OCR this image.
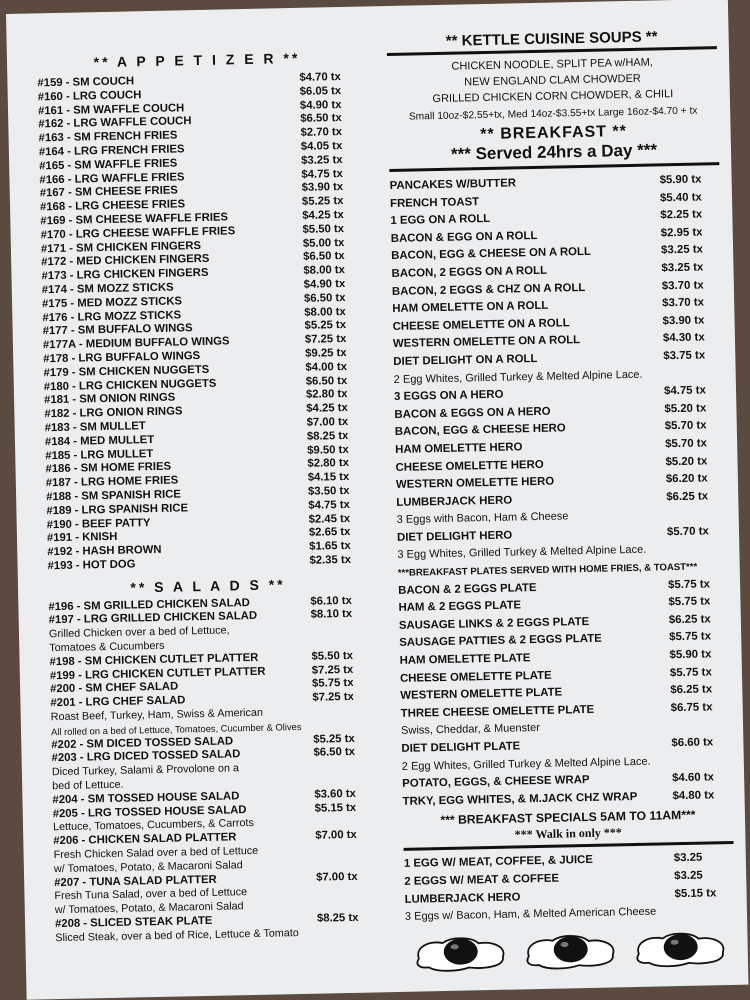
** A P P E T I Z E R **
#159 - SM COUCH	$4.70 tx
#160 - LRG COUCH	$6.05 tx
#161 - SM WAFFLE COUCH	$4.90 tx
#162 - LRG WAFFLE COUCH	$6.50 tx
#163 - SM FRENCH FRIES	$2.70 tx
#164 - LRG FRENCH FRIES	$4.05 tx
#165 - SM WAFFLE FRIES	$3.25 tx
#166 - LRG WAFFLE FRIES	$4.75 tx
#167 - SM CHEESE FRIES	$3.90 tx
#168 - LRG CHEESE FRIES	$5.25 tx
#169 - SM CHEESE WAFFLE FRIES	$4.25 tx
#170 - LRG CHEESE WAFFLE FRIES	$5.50 tx
#171 - SM CHICKEN FINGERS	$5.00 tx
#172 - MED CHICKEN FINGERS	$6.50 tx
#173 - LRG CHICKEN FINGERS	$8.00 tx
#174 - SM MOZZ STICKS	$4.90 tx
#175 - MED MOZZ STICKS	$6.50 tx
#176 - LRG MOZZ STICKS	$8.00 tx
#177 - SM BUFFALO WINGS	$5.25 tx
#177A - MEDIUM BUFFALO WINGS	$7.25 tx
#178 - LRG BUFFALO WINGS	$9.25 tx
#179 - SM CHICKEN NUGGETS	$4.00 tx
#180 - LRG CHICKEN NUGGETS	$6.50 tx
#181 - SM ONION RINGS	$2.80 tx
#182 - LRG ONION RINGS	$4.25 tx
#183 - SM MULLET	$7.00 tx
#184 - MED MULLET	$8.25 tx
#185 - LRG MULLET	$9.50 tx
#186 - SM HOME FRIES	$2.80 tx
#187 - LRG HOME FRIES	$4.15 tx
#188 - SM SPANISH RICE	$3.50 tx
#189 - LRG SPANISH RICE	$4.75 tx
#190 - BEEF PATTY	$2.45 tx
#191 - KNISH	$2.65 tx
#192 - HASH BROWN	$1.65 tx
#193 - HOT DOG	$2.35 tx
** S A L A D S **
#196 - SM GRILLED CHICKEN SALAD	$6.10 tx
#197 - LRG GRILLED CHICKEN SALAD	$8.10 tx
Grilled Chicken over a bed of Lettuce,
Tomatoes & Cucumbers
#198 - SM CHICKEN CUTLET PLATTER	$5.50 tx
#199 - LRG CHICKEN CUTLET PLATTER	$7.25 tx
#200 - SM CHEF SALAD	$5.75 tx
#201 - LRG CHEF SALAD	$7.25 tx
Roast Beef, Turkey, Ham, Swiss & American
All rolled on a bed of Lettuce, Tomatoes, Cucumber & Olives
#202 - SM DICED TOSSED SALAD	$5.25 tx
#203 - LRG DICED TOSSED SALAD	$6.50 tx
Diced Turkey, Salami & Provolone on a
bed of Lettuce.
#204 - SM TOSSED HOUSE SALAD	$3.60 tx
#205 - LRG TOSSED HOUSE SALAD	$5.15 tx
Lettuce, Tomatoes, Cucumbers, & Carrots
#206 - CHICKEN SALAD PLATTER	$7.00 tx
Fresh Chicken Salad over a bed of Lettuce
w/ Tomatoes, Potato, & Macaroni Salad
#207 - TUNA SALAD PLATTER	$7.00 tx
Fresh Tuna Salad, over a bed of Lettuce
w/ Tomatoes, Potato, & Macaroni Salad
#208 - SLICED STEAK PLATE	$8.25 tx
Sliced Steak, over a bed of Rice, Lettuce & Tomato
** KETTLE CUISINE SOUPS **
CHICKEN NOODLE, SPLIT PEA w/HAM,
NEW ENGLAND CLAM CHOWDER
GRILLED CHICKEN CORN CHOWDER, & CHILI
Small 10oz-$2.55+tx, Med 14oz-$3.55+tx Large 16oz-$4.70 + tx
** BREAKFAST **
*** Served 24hrs a Day ***
PANCAKES W/BUTTER	$5.90 tx
FRENCH TOAST	$5.40 tx
1 EGG ON A ROLL	$2.25 tx
BACON & EGG ON A ROLL	$2.95 tx
BACON, EGG & CHEESE ON A ROLL	$3.25 tx
BACON, 2 EGGS ON A ROLL	$3.25 tx
BACON, 2 EGGS & CHZ ON A ROLL	$3.70 tx
HAM OMELETTE ON A ROLL	$3.70 tx
CHEESE OMELETTE ON A ROLL	$3.90 tx
WESTERN OMELETTE ON A ROLL	$4.30 tx
DIET DELIGHT ON A ROLL	$3.75 tx
2 Egg Whites, Grilled Turkey & Melted Alpine Lace.
3 EGGS ON A HERO	$4.75 tx
BACON & EGGS ON A HERO	$5.20 tx
BACON, EGG & CHEESE HERO	$5.70 tx
HAM OMELETTE HERO	$5.70 tx
CHEESE OMELETTE HERO	$5.20 tx
WESTERN OMELETTE HERO	$6.20 tx
LUMBERJACK HERO	$6.25 tx
3 Eggs with Bacon, Ham & Cheese
DIET DELIGHT HERO	$5.70 tx
3 Egg Whites, Grilled Turkey & Melted Alpine Lace.
***BREAKFAST PLATES SERVED WITH HOME FRIES, & TOAST***
BACON & 2 EGGS PLATE	$5.75 tx
HAM & 2 EGGS PLATE	$5.75 tx
SAUSAGE LINKS & 2 EGGS PLATE	$6.25 tx
SAUSAGE PATTIES & 2 EGGS PLATE	$5.75 tx
HAM OMELETTE PLATE	$5.90 tx
CHEESE OMELETTE PLATE	$5.75 tx
WESTERN OMELETTE PLATE	$6.25 tx
THREE CHEESE OMELETTE PLATE	$6.75 tx
Swiss, Cheddar, & Muenster
DIET DELIGHT PLATE	$6.60 tx
2 Egg Whites, Grilled Turkey & Melted Alpine Lace.
POTATO, EGGS, & CHEESE WRAP	$4.60 tx
TRKY, EGG WHITES, & M.JACK CHZ WRAP	$4.80 tx
*** BREAKFAST SPECIALS 5AM TO 11AM***
*** Walk in only ***
1 EGG W/ MEAT, COFFEE, & JUICE	$3.25
2 EGGS W/ MEAT & COFFEE	$3.25
LUMBERJACK HERO	$5.15 tx
3 Eggs w/ Bacon, Ham, & Melted American Cheese
